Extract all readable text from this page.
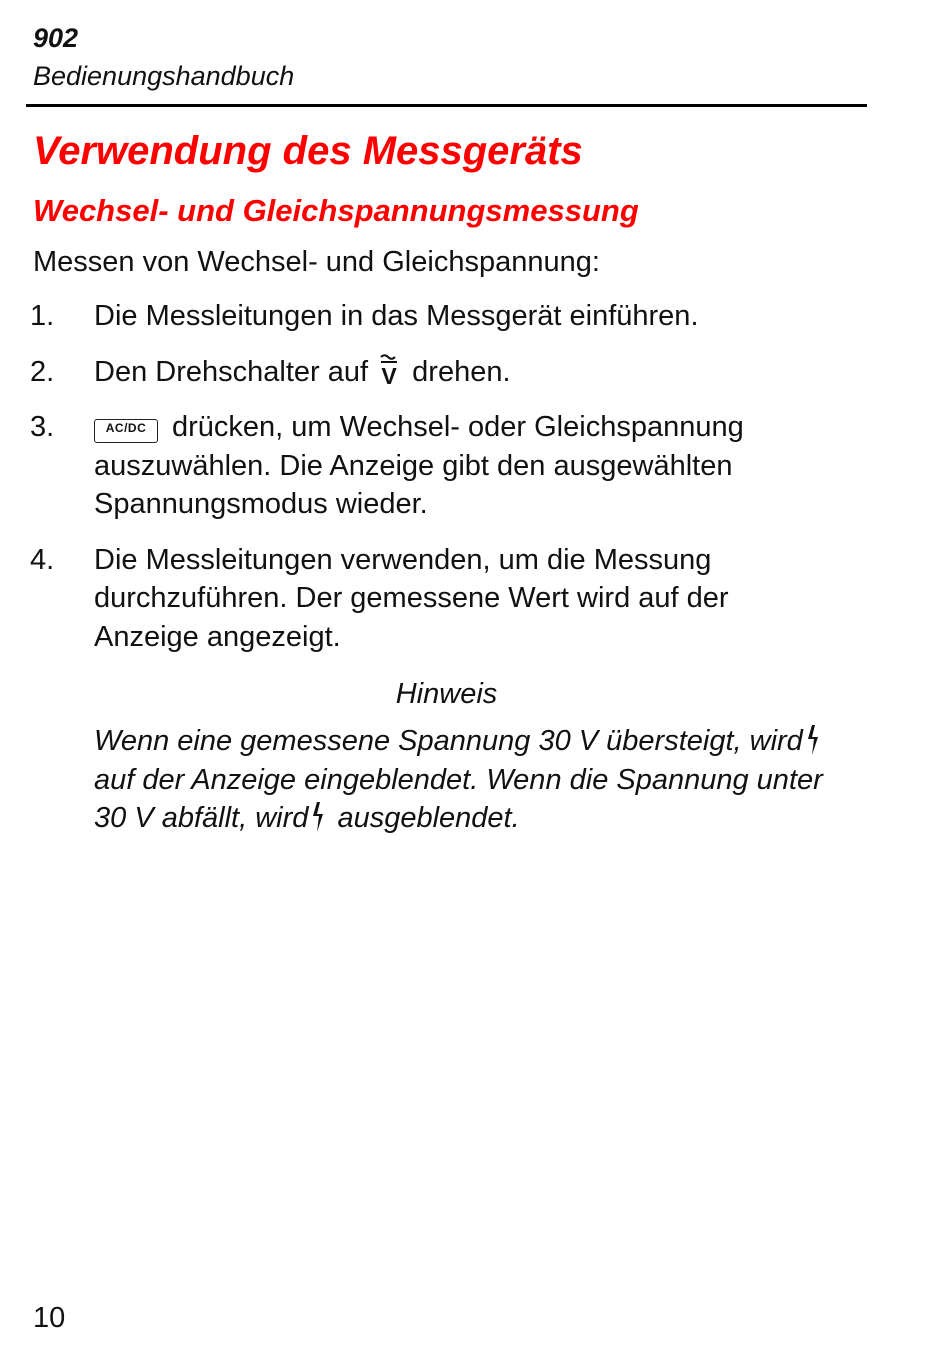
902
Bedienungshandbuch
Verwendung des Messgeräts
Wechsel- und Gleichspannungsmessung

Messen von Wechsel- und Gleichspannung:

1. Die Messleitungen in das Messgerät einführen.
2. Den Drehschalter auf V drehen.
3.	AC/DC drücken, um Wechsel- oder Gleichspannung auszuwählen. Die Anzeige gibt den ausgewählten Spannungsmodus wieder.
4. Die Messleitungen verwenden, um die Messung durchzuführen. Der gemessene Wert wird auf der Anzeige angezeigt.
Hinweis

Wenn eine gemessene Spannung 30 V übersteigt, wird
auf der Anzeige eingeblendet. Wenn die Spannung unter 30 V abfällt, wird
ausgeblendet.

10
